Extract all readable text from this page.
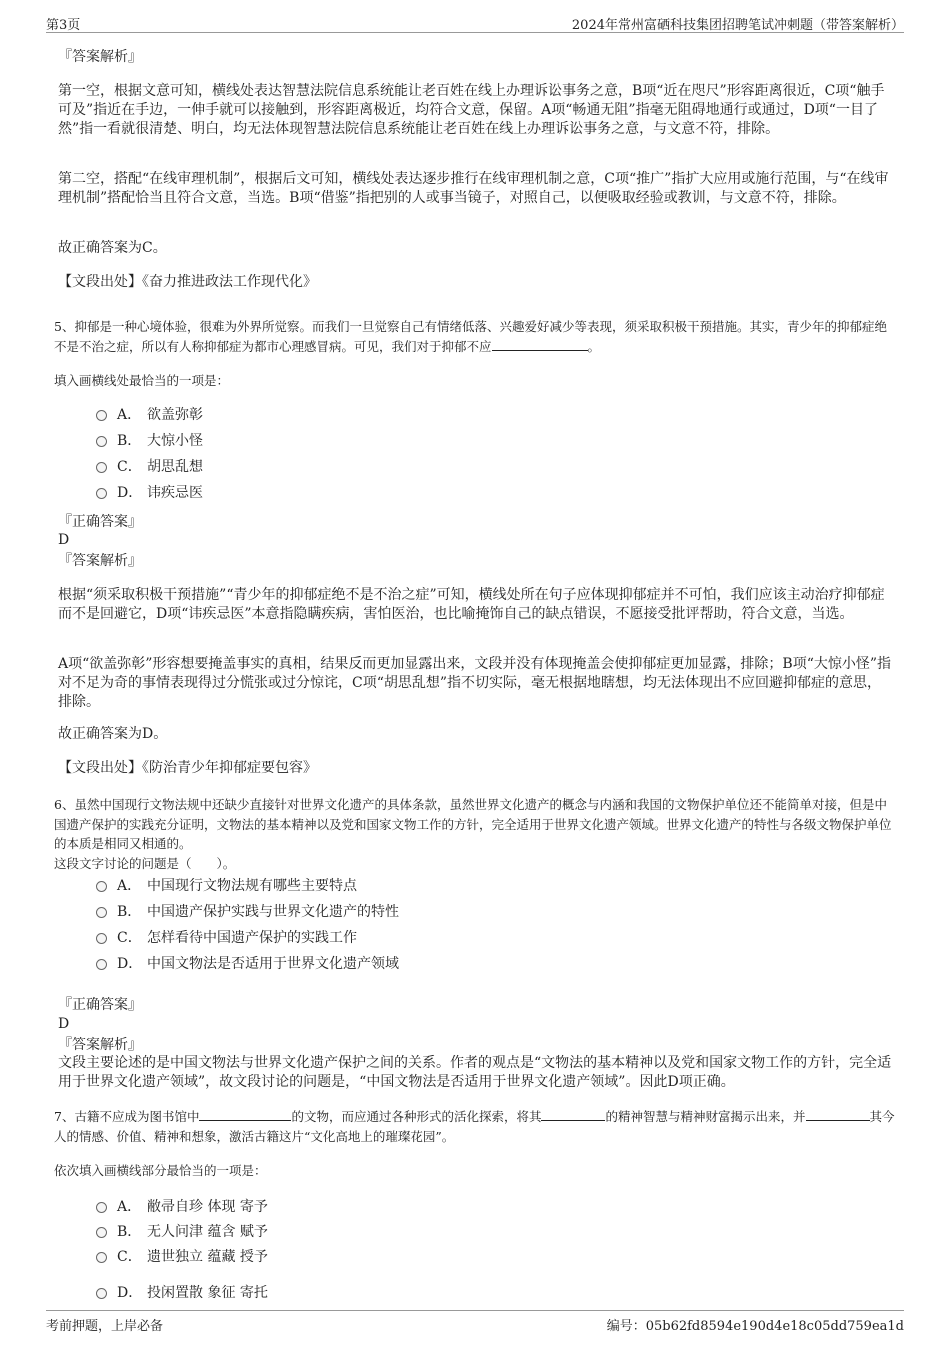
第3页	2024年常州富硒科技集团招聘笔试冲刺题（带答案解析）

『答案解析』

第一空，根据文意可知，横线处表达智慧法院信息系统能让老百姓在线上办理诉讼事务之意，B项“近在咫尺”形容距离很近，C项“触手可及”指近在手边，一伸手就可以接触到，形容距离极近，均符合文意，保留。A项“畅通无阻”指毫无阻碍地通行或通过，D项“一目了然”指一看就很清楚、明白，均无法体现智慧法院信息系统能让老百姓在线上办理诉讼事务之意，与文意不符，排除。

第二空，搭配“在线审理机制”，根据后文可知，横线处表达逐步推行在线审理机制之意，C项“推广”指扩大应用或施行范围，与“在线审理机制”搭配恰当且符合文意，当选。B项“借鉴”指把别的人或事当镜子，对照自己，以便吸取经验或教训，与文意不符，排除。

故正确答案为C。

【文段出处】《奋力推进政法工作现代化》

5、抑郁是一种心境体验，很难为外界所觉察。而我们一旦觉察自己有情绪低落、兴趣爱好减少等表现，须采取积极干预措施。其实，青少年的抑郁症绝不是不治之症，所以有人称抑郁症为都市心理感冒病。可见，我们对于抑郁不应	。

填入画横线处最恰当的一项是：

A． 欲盖弥彰
B． 大惊小怪
C． 胡思乱想
D． 讳疾忌医

『正确答案』

D

『答案解析』

根据“须采取积极干预措施”“青少年的抑郁症绝不是不治之症”可知，横线处所在句子应体现抑郁症并不可怕，我们应该主动治疗抑郁症而不是回避它，D项“讳疾忌医”本意指隐瞒疾病，害怕医治，也比喻掩饰自己的缺点错误，不愿接受批评帮助，符合文意，当选。

A项“欲盖弥彰”形容想要掩盖事实的真相，结果反而更加显露出来，文段并没有体现掩盖会使抑郁症更加显露，排除；B项“大惊小怪”指对不足为奇的事情表现得过分慌张或过分惊诧，C项“胡思乱想”指不切实际，毫无根据地瞎想，均无法体现出不应回避抑郁症的意思，排除。

故正确答案为D。

【文段出处】《防治青少年抑郁症要包容》

6、虽然中国现行文物法规中还缺少直接针对世界文化遗产的具体条款，虽然世界文化遗产的概念与内涵和我国的文物保护单位还不能简单对接，但是中国遗产保护的实践充分证明，文物法的基本精神以及党和国家文物工作的方针，完全适用于世界文化遗产领域。世界文化遗产的特性与各级文物保护单位的本质是相同又相通的。

这段文字讨论的问题是（　　）。

A． 中国现行文物法规有哪些主要特点
B． 中国遗产保护实践与世界文化遗产的特性
C． 怎样看待中国遗产保护的实践工作
D． 中国文物法是否适用于世界文化遗产领域

『正确答案』

D

『答案解析』

文段主要论述的是中国文物法与世界文化遗产保护之间的关系。作者的观点是“文物法的基本精神以及党和国家文物工作的方针，完全适用于世界文化遗产领域”，故文段讨论的问题是，“中国文物法是否适用于世界文化遗产领域”。因此D项正确。

7、古籍不应成为图书馆中	的文物，而应通过各种形式的活化探索，将其	的精神智慧与精神财富揭示出来，并	其今人的情感、价值、精神和想象，激活古籍这片“文化高地上的璀璨花园”。

依次填入画横线部分最恰当的一项是：

A． 敝帚自珍 体现 寄予
B． 无人问津 蕴含 赋予
C． 遗世独立 蕴藏 授予
D． 投闲置散 象征 寄托
考前押题，上岸必备	编号：05b62fd8594e190d4e18c05dd759ea1d
